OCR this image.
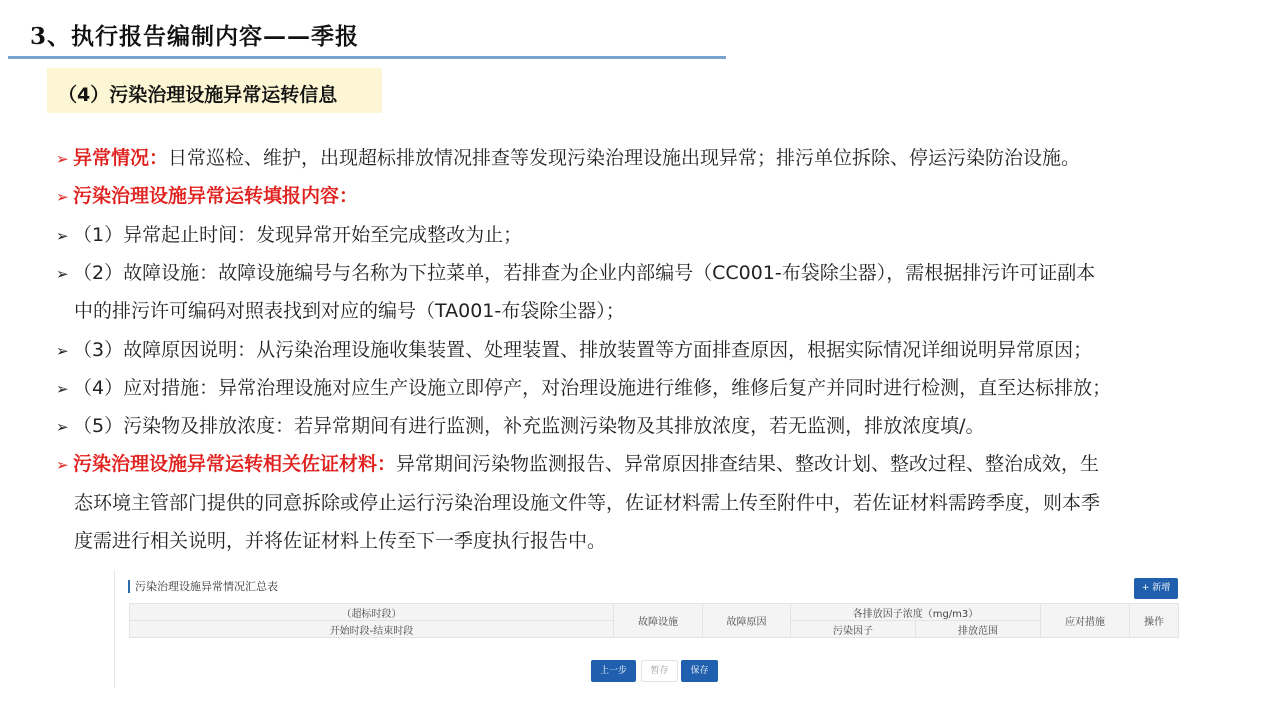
3、执行报告编制内容——季报
（4）污染治理设施异常运转信息
➢ 异常情况：日常巡检、维护，出现超标排放情况排查等发现污染治理设施出现异常；排污单位拆除、停运污染防治设施。
➢ 污染治理设施异常运转填报内容：
➢ （1）异常起止时间：发现异常开始至完成整改为止；
➢ （2）故障设施：故障设施编号与名称为下拉菜单，若排查为企业内部编号（CC001-布袋除尘器），需根据排污许可证副本
中的排污许可编码对照表找到对应的编号（TA001-布袋除尘器）；
➢ （3）故障原因说明：从污染治理设施收集装置、处理装置、排放装置等方面排查原因，根据实际情况详细说明异常原因；
➢ （4）应对措施：异常治理设施对应生产设施立即停产，对治理设施进行维修，维修后复产并同时进行检测，直至达标排放；
➢ （5）污染物及排放浓度：若异常期间有进行监测，补充监测污染物及其排放浓度，若无监测，排放浓度填/。
➢ 污染治理设施异常运转相关佐证材料：异常期间污染物监测报告、异常原因排查结果、整改计划、整改过程、整治成效，生
态环境主管部门提供的同意拆除或停止运行污染治理设施文件等，佐证材料需上传至附件中，若佐证材料需跨季度，则本季
度需进行相关说明，并将佐证材料上传至下一季度执行报告中。
污染治理设施异常情况汇总表	+ 新增
（超标时段）	故障设施	故障原因	各排放因子浓度（mg/m3）		应对措施	操作
开始时段-结束时段			污染因子	排放范围		
上一步	暂存	保存
